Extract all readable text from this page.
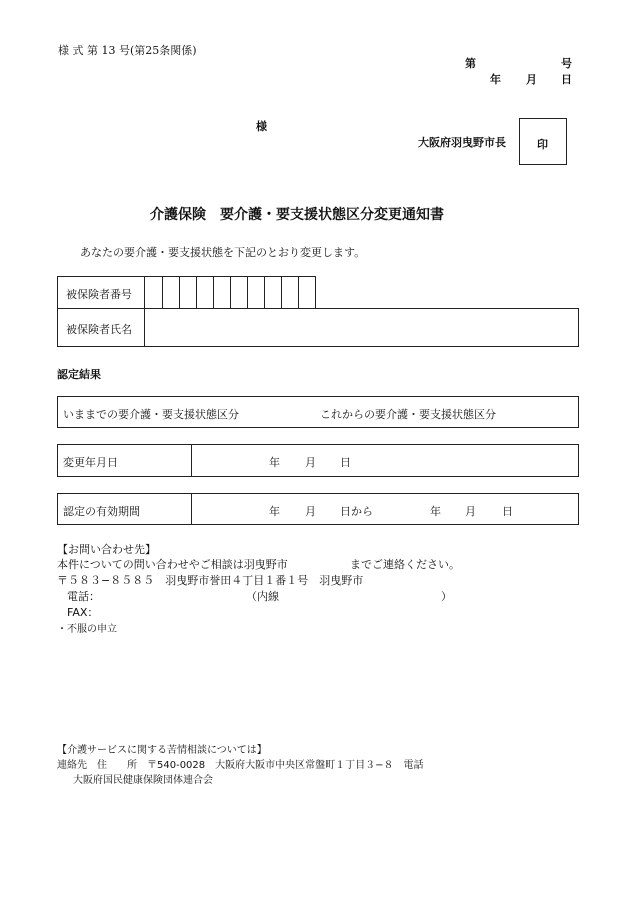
様 式 第 13 号(第25条関係)
第	号
年 月 日
様
大阪府羽曳野市長	印
介護保険　要介護・要支援状態区分変更通知書
あなたの要介護・要支援状態を下記のとおり変更します。
被保険者番号
被保険者氏名
認定結果
いままでの要介護・要支援状態区分	これからの要介護・要支援状態区分
変更年月日	年 月 日
認定の有効期間	年 月 日から	年 月 日
【お問い合わせ先】
本件についての問い合わせやご相談は羽曳野市	までご連絡ください。
〒５８３−８５８５　羽曳野市誉田４丁目１番１号　羽曳野市
電話：	（内線	）
FAX：
・不服の申立
【介護サービスに関する苦情相談については】
連絡先　住　　所　〒540-0028　大阪府大阪市中央区常盤町１丁目３−８　電話
大阪府国民健康保険団体連合会
